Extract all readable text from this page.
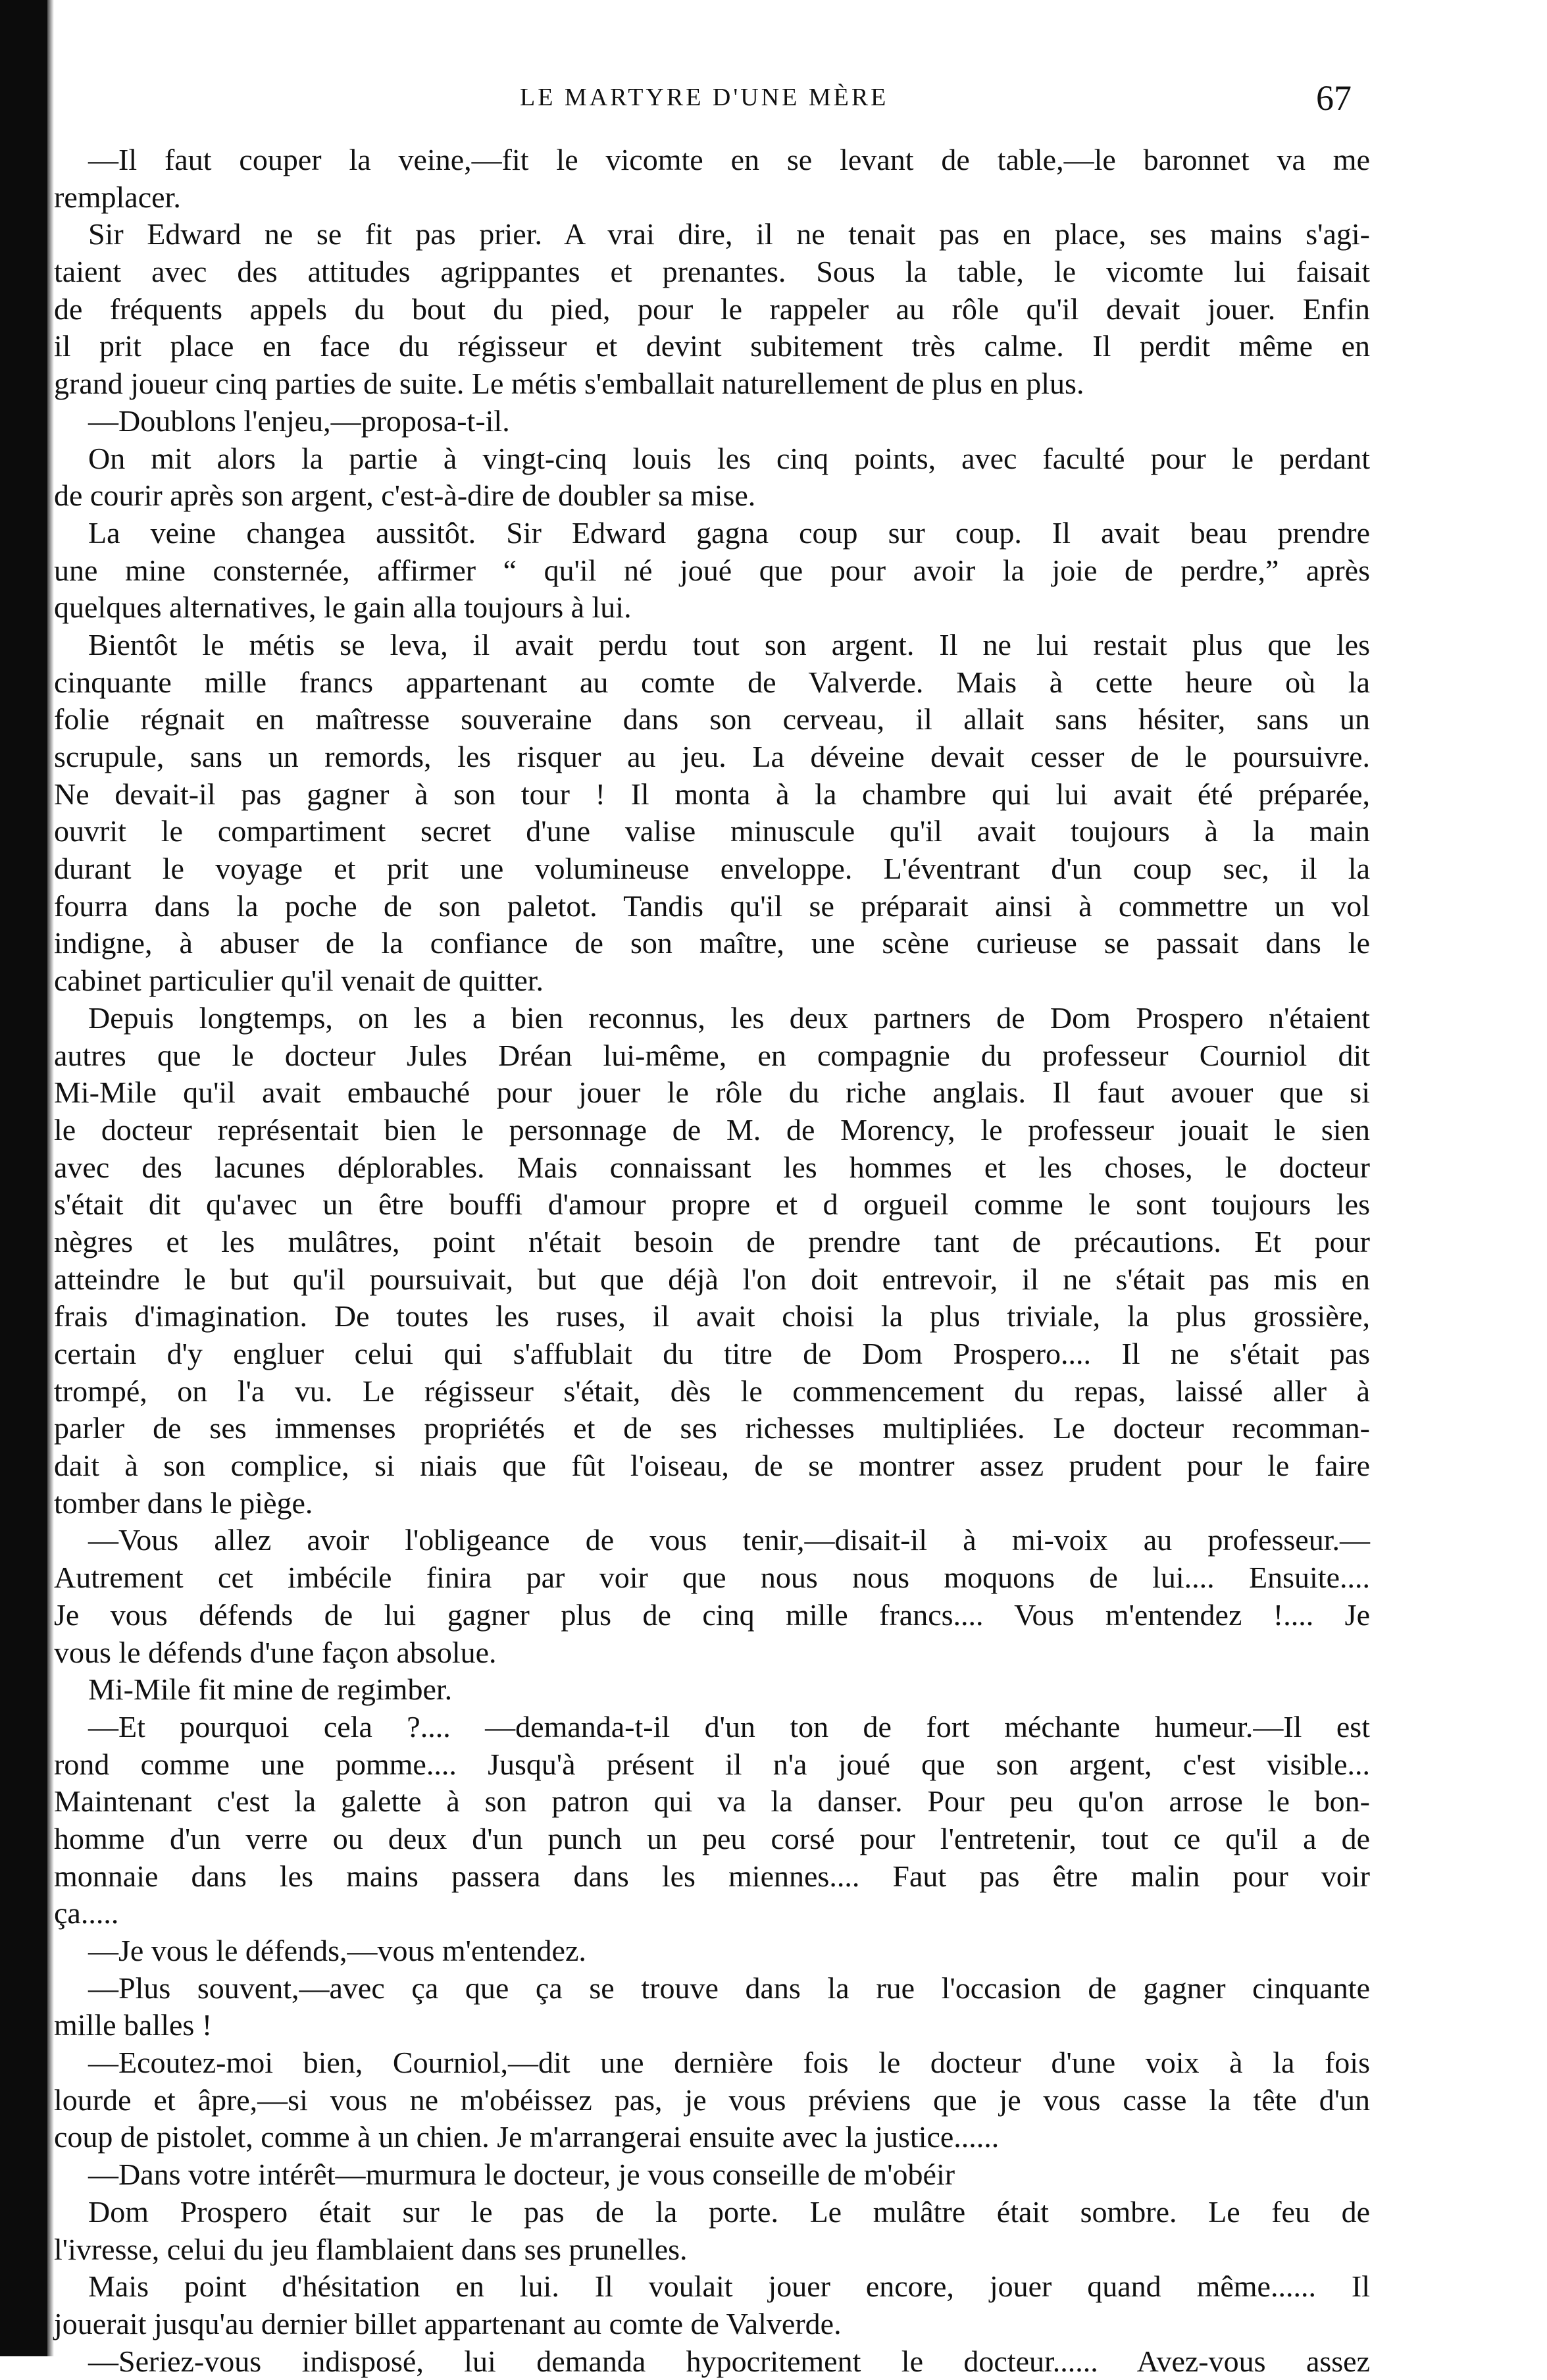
LE MARTYRE D'UNE MÈRE	67
—Il faut couper la veine,—fit le vicomte en se levant de table,—le baronnet va me
remplacer.
Sir Edward ne se fit pas prier. A vrai dire, il ne tenait pas en place, ses mains s'agi-
taient avec des attitudes agrippantes et prenantes. Sous la table, le vicomte lui faisait
de fréquents appels du bout du pied, pour le rappeler au rôle qu'il devait jouer. Enfin
il prit place en face du régisseur et devint subitement très calme. Il perdit même en
grand joueur cinq parties de suite. Le métis s'emballait naturellement de plus en plus.
—Doublons l'enjeu,—proposa-t-il.
On mit alors la partie à vingt-cinq louis les cinq points, avec faculté pour le perdant
de courir après son argent, c'est-à-dire de doubler sa mise.
La veine changea aussitôt. Sir Edward gagna coup sur coup. Il avait beau prendre
une mine consternée, affirmer “ qu'il né joué que pour avoir la joie de perdre,” après
quelques alternatives, le gain alla toujours à lui.
Bientôt le métis se leva, il avait perdu tout son argent. Il ne lui restait plus que les
cinquante mille francs appartenant au comte de Valverde. Mais à cette heure où la
folie régnait en maîtresse souveraine dans son cerveau, il allait sans hésiter, sans un
scrupule, sans un remords, les risquer au jeu. La déveine devait cesser de le poursuivre.
Ne devait-il pas gagner à son tour ! Il monta à la chambre qui lui avait été préparée,
ouvrit le compartiment secret d'une valise minuscule qu'il avait toujours à la main
durant le voyage et prit une volumineuse enveloppe. L'éventrant d'un coup sec, il la
fourra dans la poche de son paletot. Tandis qu'il se préparait ainsi à commettre un vol
indigne, à abuser de la confiance de son maître, une scène curieuse se passait dans le
cabinet particulier qu'il venait de quitter.
Depuis longtemps, on les a bien reconnus, les deux partners de Dom Prospero n'étaient
autres que le docteur Jules Dréan lui-même, en compagnie du professeur Courniol dit
Mi-Mile qu'il avait embauché pour jouer le rôle du riche anglais. Il faut avouer que si
le docteur représentait bien le personnage de M. de Morency, le professeur jouait le sien
avec des lacunes déplorables. Mais connaissant les hommes et les choses, le docteur
s'était dit qu'avec un être bouffi d'amour propre et d orgueil comme le sont toujours les
nègres et les mulâtres, point n'était besoin de prendre tant de précautions. Et pour
atteindre le but qu'il poursuivait, but que déjà l'on doit entrevoir, il ne s'était pas mis en
frais d'imagination. De toutes les ruses, il avait choisi la plus triviale, la plus grossière,
certain d'y engluer celui qui s'affublait du titre de Dom Prospero.... Il ne s'était pas
trompé, on l'a vu. Le régisseur s'était, dès le commencement du repas, laissé aller à
parler de ses immenses propriétés et de ses richesses multipliées. Le docteur recomman-
dait à son complice, si niais que fût l'oiseau, de se montrer assez prudent pour le faire
tomber dans le piège.
—Vous allez avoir l'obligeance de vous tenir,—disait-il à mi-voix au professeur.—
Autrement cet imbécile finira par voir que nous nous moquons de lui.... Ensuite....
Je vous défends de lui gagner plus de cinq mille francs.... Vous m'entendez !.... Je
vous le défends d'une façon absolue.
Mi-Mile fit mine de regimber.
—Et pourquoi cela ?.... —demanda-t-il d'un ton de fort méchante humeur.—Il est
rond comme une pomme.... Jusqu'à présent il n'a joué que son argent, c'est visible...
Maintenant c'est la galette à son patron qui va la danser. Pour peu qu'on arrose le bon-
homme d'un verre ou deux d'un punch un peu corsé pour l'entretenir, tout ce qu'il a de
monnaie dans les mains passera dans les miennes.... Faut pas être malin pour voir
ça.....
—Je vous le défends,—vous m'entendez.
—Plus souvent,—avec ça que ça se trouve dans la rue l'occasion de gagner cinquante
mille balles !
—Ecoutez-moi bien, Courniol,—dit une dernière fois le docteur d'une voix à la fois
lourde et âpre,—si vous ne m'obéissez pas, je vous préviens que je vous casse la tête d'un
coup de pistolet, comme à un chien. Je m'arrangerai ensuite avec la justice......
—Dans votre intérêt—murmura le docteur, je vous conseille de m'obéir
Dom Prospero était sur le pas de la porte. Le mulâtre était sombre. Le feu de
l'ivresse, celui du jeu flamblaient dans ses prunelles.
Mais point d'hésitation en lui. Il voulait jouer encore, jouer quand même...... Il
jouerait jusqu'au dernier billet appartenant au comte de Valverde.
—Seriez-vous indisposé, lui demanda hypocritement le docteur...... Avez-vous assez
